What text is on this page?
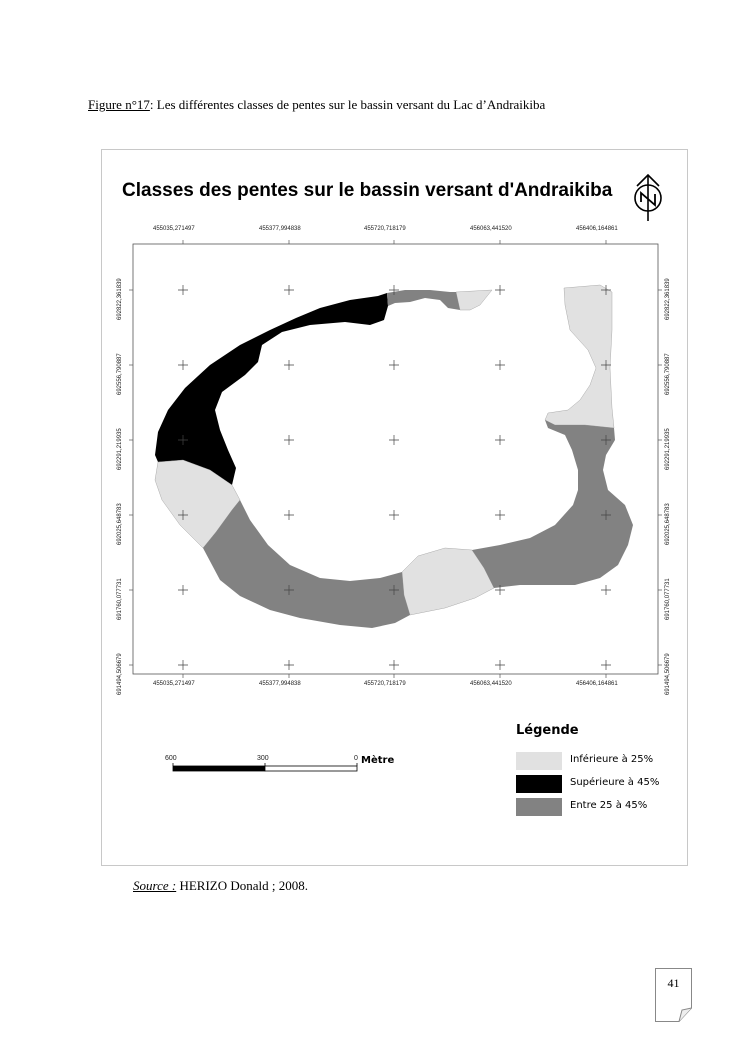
Figure n°17: Les différentes classes de pentes sur le bassin versant du Lac d’Andraikiba
Classes des pentes sur le bassin versant d'Andraikiba
455035,271497	455377,994838	455720,718179	456063,441520	456406,164861
455035,271497	455377,994838	455720,718179	456063,441520	456406,164861
692822,361839
692556,790887
692291,219935
692025,648783
691760,077731
691494,506679
692822,361839
692556,790887
692291,219935
692025,648783
691760,077731
691494,506679
Légende
Inférieure à 25%
Supérieure à 45%
Entre 25 à 45%
600	300	0 Mètre
Source : HERIZO Donald ; 2008.
41
